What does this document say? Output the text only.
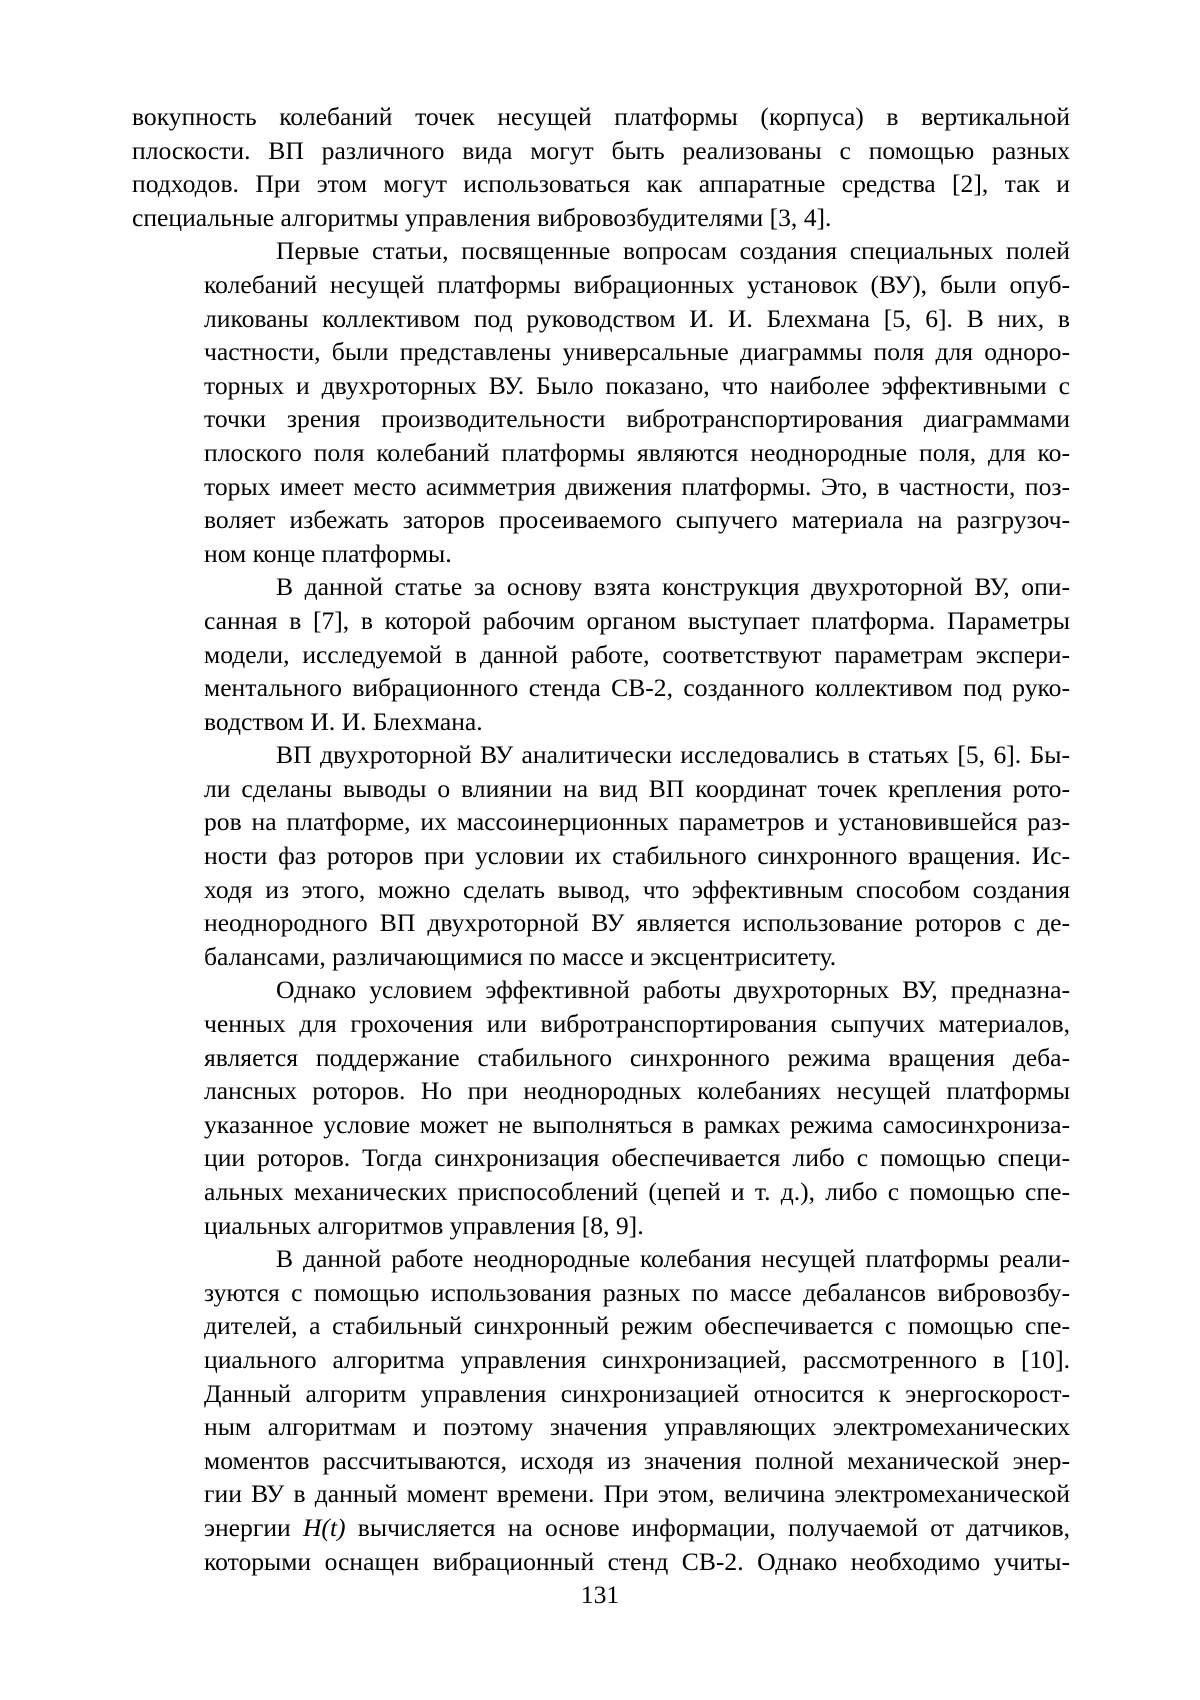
вокупность колебаний точек несущей платформы (корпуса) в вертикальной
плоскости. ВП различного вида могут быть реализованы с помощью разных
подходов. При этом могут использоваться как аппаратные средства [2], так и
специальные алгоритмы управления вибровозбудителями [3, 4].
Первые статьи, посвященные вопросам создания специальных полей
колебаний несущей платформы вибрационных установок (ВУ), были опуб-
ликованы коллективом под руководством И. И. Блехмана [5, 6]. В них, в
частности, были представлены универсальные диаграммы поля для одноро-
торных и двухроторных ВУ. Было показано, что наиболее эффективными с
точки зрения производительности вибротранспортирования диаграммами
плоского поля колебаний платформы являются неоднородные поля, для ко-
торых имеет место асимметрия движения платформы. Это, в частности, поз-
воляет избежать заторов просеиваемого сыпучего материала на разгрузоч-
ном конце платформы.
В данной статье за основу взята конструкция двухроторной ВУ, опи-
санная в [7], в которой рабочим органом выступает платформа. Параметры
модели, исследуемой в данной работе, соответствуют параметрам экспери-
ментального вибрационного стенда СВ-2, созданного коллективом под руко-
водством И. И. Блехмана.
ВП двухроторной ВУ аналитически исследовались в статьях [5, 6]. Бы-
ли сделаны выводы о влиянии на вид ВП координат точек крепления рото-
ров на платформе, их массоинерционных параметров и установившейся раз-
ности фаз роторов при условии их стабильного синхронного вращения. Ис-
ходя из этого, можно сделать вывод, что эффективным способом создания
неоднородного ВП двухроторной ВУ является использование роторов с де-
балансами, различающимися по массе и эксцентриситету.
Однако условием эффективной работы двухроторных ВУ, предназна-
ченных для грохочения или вибротранспортирования сыпучих материалов,
является поддержание стабильного синхронного режима вращения деба-
лансных роторов. Но при неоднородных колебаниях несущей платформы
указанное условие может не выполняться в рамках режима самосинхрониза-
ции роторов. Тогда синхронизация обеспечивается либо с помощью специ-
альных механических приспособлений (цепей и т. д.), либо с помощью спе-
циальных алгоритмов управления [8, 9].
В данной работе неоднородные колебания несущей платформы реали-
зуются с помощью использования разных по массе дебалансов вибровозбу-
дителей, а стабильный синхронный режим обеспечивается с помощью спе-
циального алгоритма управления синхронизацией, рассмотренного в [10].
Данный алгоритм управления синхронизацией относится к энергоскорост-
ным алгоритмам и поэтому значения управляющих электромеханических
моментов рассчитываются, исходя из значения полной механической энер-
гии ВУ в данный момент времени. При этом, величина электромеханической
энергии H(t) вычисляется на основе информации, получаемой от датчиков,
которыми оснащен вибрационный стенд СВ-2. Однако необходимо учиты-
131
